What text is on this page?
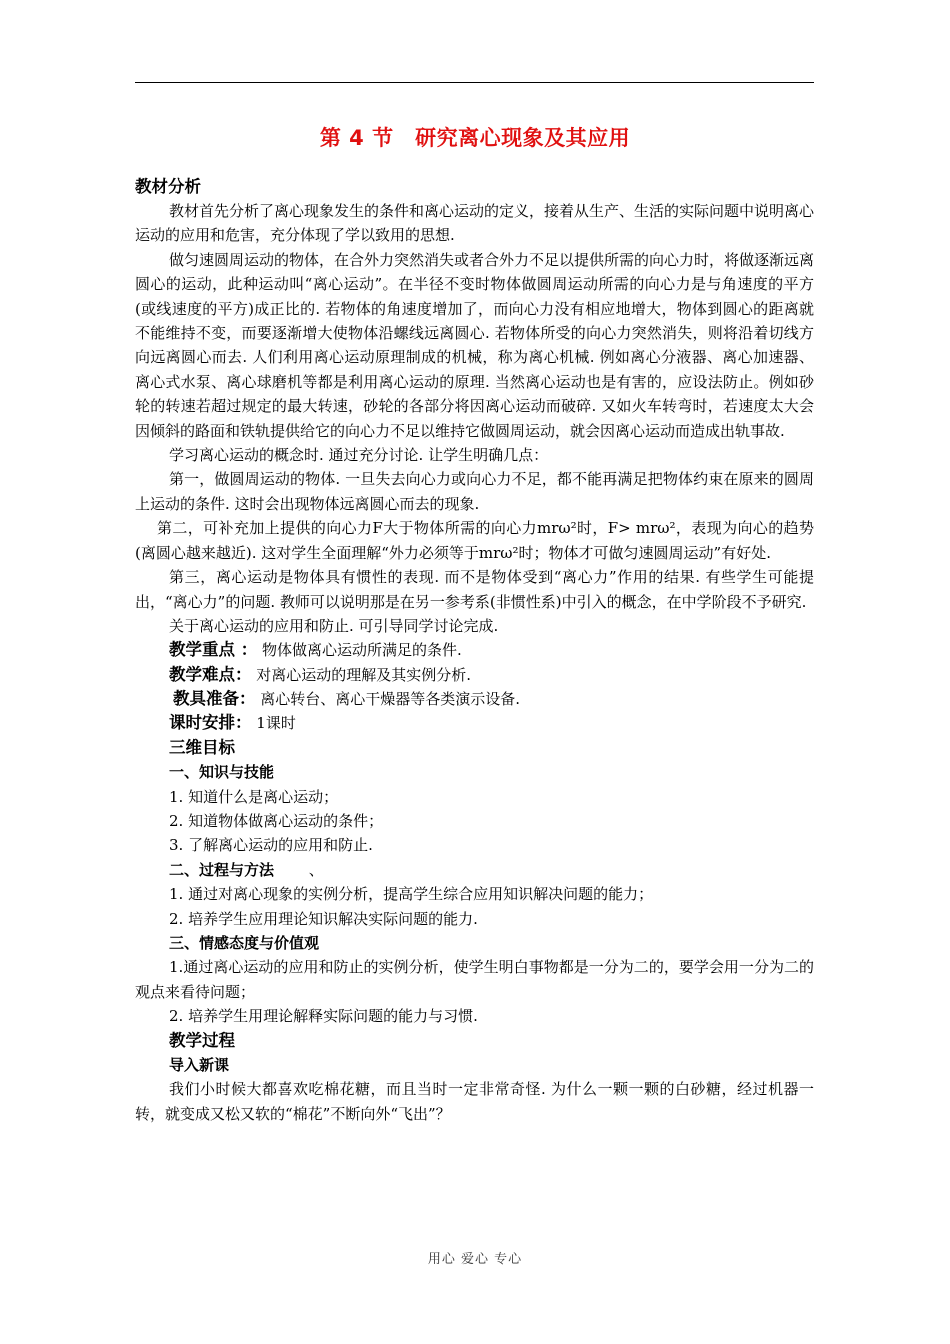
第 4 节　研究离心现象及其应用
教材分析

教材首先分析了离心现象发生的条件和离心运动的定义，接着从生产、生活的实际问题中说明离心运动的应用和危害，充分体现了学以致用的思想.

做匀速圆周运动的物体，在合外力突然消失或者合外力不足以提供所需的向心力时，将做逐渐远离圆心的运动，此种运动叫“离心运动”。在半径不变时物体做圆周运动所需的向心力是与角速度的平方(或线速度的平方)成正比的. 若物体的角速度增加了，而向心力没有相应地增大，物体到圆心的距离就不能维持不变，而要逐渐增大使物体沿螺线远离圆心. 若物体所受的向心力突然消失，则将沿着切线方向远离圆心而去. 人们利用离心运动原理制成的机械，称为离心机械. 例如离心分液器、离心加速器、离心式水泵、离心球磨机等都是利用离心运动的原理. 当然离心运动也是有害的，应设法防止。例如砂轮的转速若超过规定的最大转速，砂轮的各部分将因离心运动而破碎. 又如火车转弯时，若速度太大会因倾斜的路面和铁轨提供给它的向心力不足以维持它做圆周运动，就会因离心运动而造成出轨事故.

学习离心运动的概念时. 通过充分讨论. 让学生明确几点：

第一，做圆周运动的物体. 一旦失去向心力或向心力不足，都不能再满足把物体约束在原来的圆周上运动的条件. 这时会出现物体远离圆心而去的现象.

第二，可补充加上提供的向心力F大于物体所需的向心力mrω²时，F> mrω²，表现为向心的趋势(离圆心越来越近). 这对学生全面理解“外力必须等于mrω²时；物体才可做匀速圆周运动”有好处.

第三，离心运动是物体具有惯性的表现. 而不是物体受到“离心力”作用的结果. 有些学生可能提出，“离心力”的问题. 教师可以说明那是在另一参考系(非惯性系)中引入的概念，在中学阶段不予研究.

关于离心运动的应用和防止. 可引导同学讨论完成.

教学重点 ： 物体做离心运动所满足的条件.
教学难点： 对离心运动的理解及其实例分析.
教具准备： 离心转台、离心干燥器等各类演示设备.
课时安排： 1课时
三维目标
一、知识与技能
1. 知道什么是离心运动；
2. 知道物体做离心运动的条件；
3. 了解离心运动的应用和防止.
二、过程与方法 、
1. 通过对离心现象的实例分析，提高学生综合应用知识解决问题的能力；
2. 培养学生应用理论知识解决实际问题的能力.
三、情感态度与价值观

1.通过离心运动的应用和防止的实例分析，使学生明白事物都是一分为二的，要学会用一分为二的观点来看待问题；

2. 培养学生用理论解释实际问题的能力与习惯.
教学过程
导入新课

我们小时候大都喜欢吃棉花糖，而且当时一定非常奇怪. 为什么一颗一颗的白砂糖，经过机器一转，就变成又松又软的“棉花”不断向外“飞出”？

用心 爱心 专心
